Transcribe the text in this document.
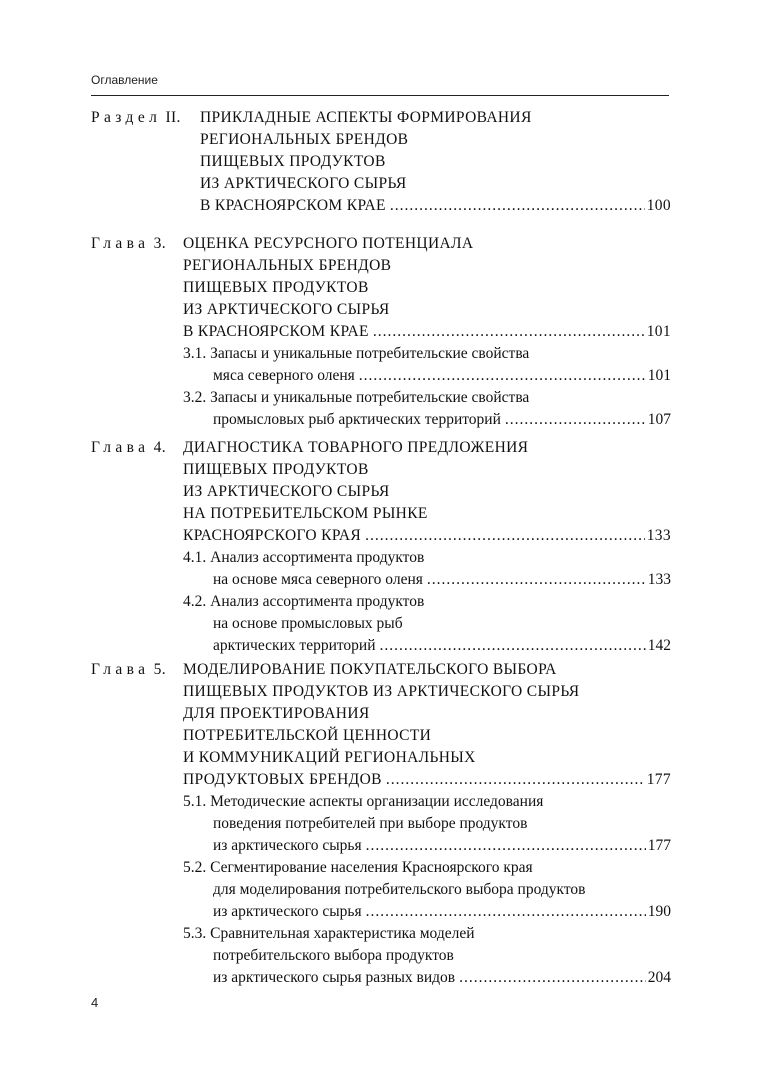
Оглавление
Раздел II. ПРИКЛАДНЫЕ АСПЕКТЫ ФОРМИРОВАНИЯ
РЕГИОНАЛЬНЫХ БРЕНДОВ
ПИЩЕВЫХ ПРОДУКТОВ
ИЗ АРКТИЧЕСКОГО СЫРЬЯ
В КРАСНОЯРСКОМ КРАЕ .....	100
Глава 3. ОЦЕНКА РЕСУРСНОГО ПОТЕНЦИАЛА
РЕГИОНАЛЬНЫХ БРЕНДОВ
ПИЩЕВЫХ ПРОДУКТОВ
ИЗ АРКТИЧЕСКОГО СЫРЬЯ
В КРАСНОЯРСКОМ КРАЕ .....	101
3.1. Запасы и уникальные потребительские свойства
мяса северного оленя .....	101
3.2. Запасы и уникальные потребительские свойства
промысловых рыб арктических территорий .....	107
Глава 4. ДИАГНОСТИКА ТОВАРНОГО ПРЕДЛОЖЕНИЯ
ПИЩЕВЫХ ПРОДУКТОВ
ИЗ АРКТИЧЕСКОГО СЫРЬЯ
НА ПОТРЕБИТЕЛЬСКОМ РЫНКЕ
КРАСНОЯРСКОГО КРАЯ .....	133
4.1. Анализ ассортимента продуктов
на основе мяса северного оленя .....	133
4.2. Анализ ассортимента продуктов
на основе промысловых рыб
арктических территорий .....	142
Глава 5. МОДЕЛИРОВАНИЕ ПОКУПАТЕЛЬСКОГО ВЫБОРА
ПИЩЕВЫХ ПРОДУКТОВ ИЗ АРКТИЧЕСКОГО СЫРЬЯ
ДЛЯ ПРОЕКТИРОВАНИЯ
ПОТРЕБИТЕЛЬСКОЙ ЦЕННОСТИ
И КОММУНИКАЦИЙ РЕГИОНАЛЬНЫХ
ПРОДУКТОВЫХ БРЕНДОВ .....	177
5.1. Методические аспекты организации исследования
поведения потребителей при выборе продуктов
из арктического сырья .....	177
5.2. Сегментирование населения Красноярского края
для моделирования потребительского выбора продуктов
из арктического сырья .....	190
5.3. Сравнительная характеристика моделей
потребительского выбора продуктов
из арктического сырья разных видов .....	204
4
